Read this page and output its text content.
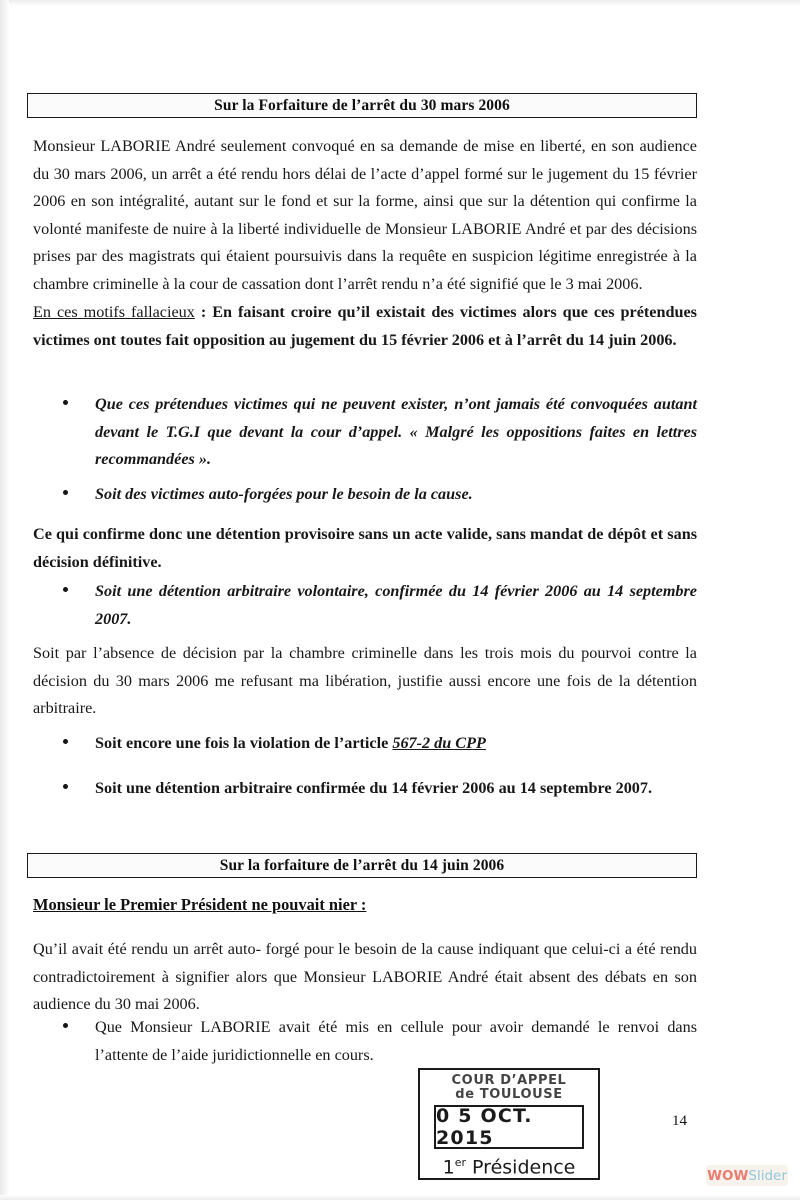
Sur la Forfaiture de l’arrêt du 30 mars 2006
Monsieur LABORIE André seulement convoqué en sa demande de mise en liberté, en son audience du 30 mars 2006, un arrêt a été rendu hors délai de l’acte d’appel formé sur le jugement du 15 février 2006 en son intégralité, autant sur le fond et sur la forme, ainsi que sur la détention qui confirme la volonté manifeste de nuire à la liberté individuelle de Monsieur LABORIE André et par des décisions prises par des magistrats qui étaient poursuivis dans la requête en suspicion légitime enregistrée à la chambre criminelle à la cour de cassation dont l’arrêt rendu n’a été signifié que le 3 mai 2006.
En ces motifs fallacieux : En faisant croire qu’il existait des victimes alors que ces prétendues victimes ont toutes fait opposition au jugement du 15 février 2006 et à l’arrêt du 14 juin 2006.
Que ces prétendues victimes qui ne peuvent exister, n’ont jamais été convoquées autant devant le T.G.I que devant la cour d’appel. « Malgré les oppositions faites en lettres recommandées ».
Soit des victimes auto-forgées pour le besoin de la cause.
Ce qui confirme donc une détention provisoire sans un acte valide, sans mandat de dépôt et sans décision définitive.
Soit une détention arbitraire volontaire, confirmée du 14 février 2006 au 14 septembre 2007.
Soit par l’absence de décision par la chambre criminelle dans les trois mois du pourvoi contre la décision du 30 mars 2006 me refusant ma libération, justifie aussi encore une fois de la détention arbitraire.
Soit encore une fois la violation de l’article 567-2 du CPP
Soit une détention arbitraire confirmée du 14 février 2006 au 14 septembre 2007.
Sur la forfaiture de l’arrêt du 14 juin 2006
Monsieur le Premier Président ne pouvait nier :
Qu’il avait été rendu un arrêt auto- forgé pour le besoin de la cause indiquant que celui-ci a été rendu contradictoirement à signifier alors que Monsieur LABORIE André était absent des débats en son audience du 30 mai 2006.
Que Monsieur LABORIE avait été mis en cellule pour avoir demandé le renvoi dans l’attente de l’aide juridictionnelle en cours.
COUR D’APPEL
de TOULOUSE
0 5 OCT. 2015
1er Présidence
14
WOW Slider
